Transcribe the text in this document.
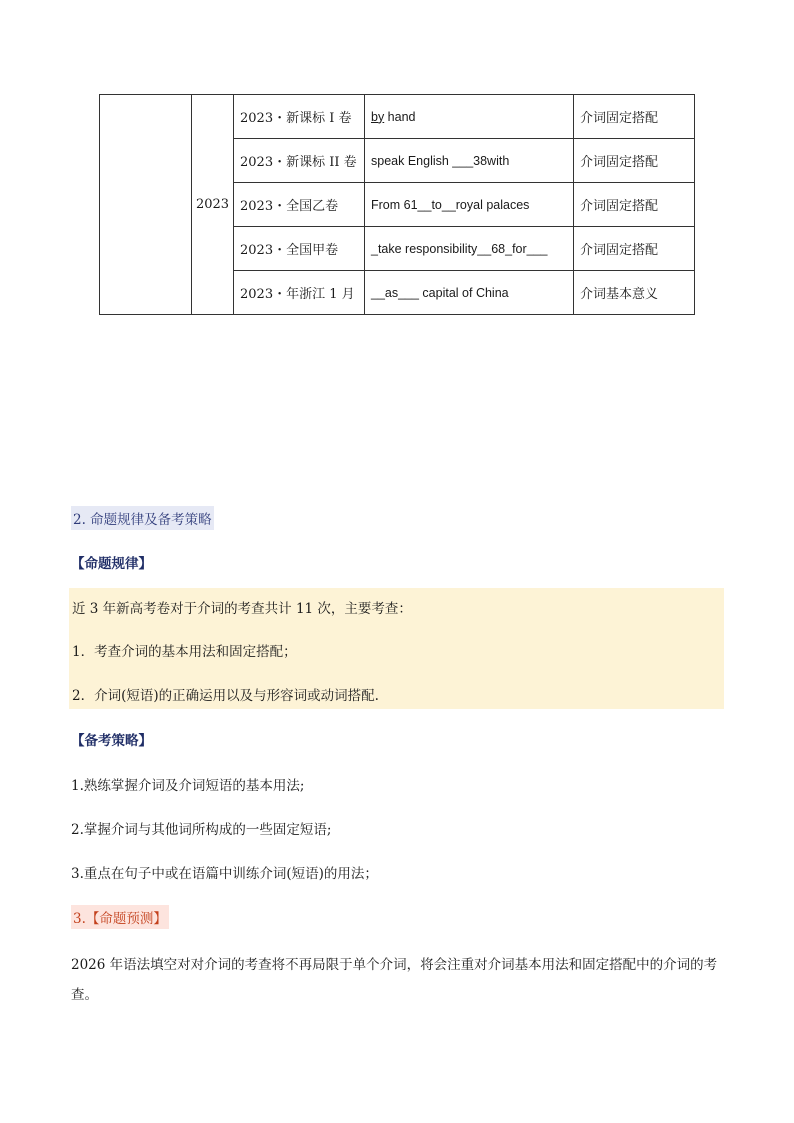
	2023	2023・新课标 I 卷	by hand	介词固定搭配
		2023・新课标 II 卷	speak English ___38with	介词固定搭配
		2023・全国乙卷	From 61__to__royal palaces	介词固定搭配
		2023・全国甲卷	_take responsibility__68_for___	介词固定搭配
		2023・年浙江 1 月	__as___ capital of China	介词基本意义
2. 命题规律及备考策略
【命题规律】
近 3 年新高考卷对于介词的考查共计 11 次，主要考查：
1．考查介词的基本用法和固定搭配；
2．介词(短语)的正确运用以及与形容词或动词搭配.
【备考策略】
1.熟练掌握介词及介词短语的基本用法;
2.掌握介词与其他词所构成的一些固定短语;
3.重点在句子中或在语篇中训练介词(短语)的用法；
3.【命题预测】
2026 年语法填空对对介词的考查将不再局限于单个介词，将会注重对介词基本用法和固定搭配中的介词的考查。
